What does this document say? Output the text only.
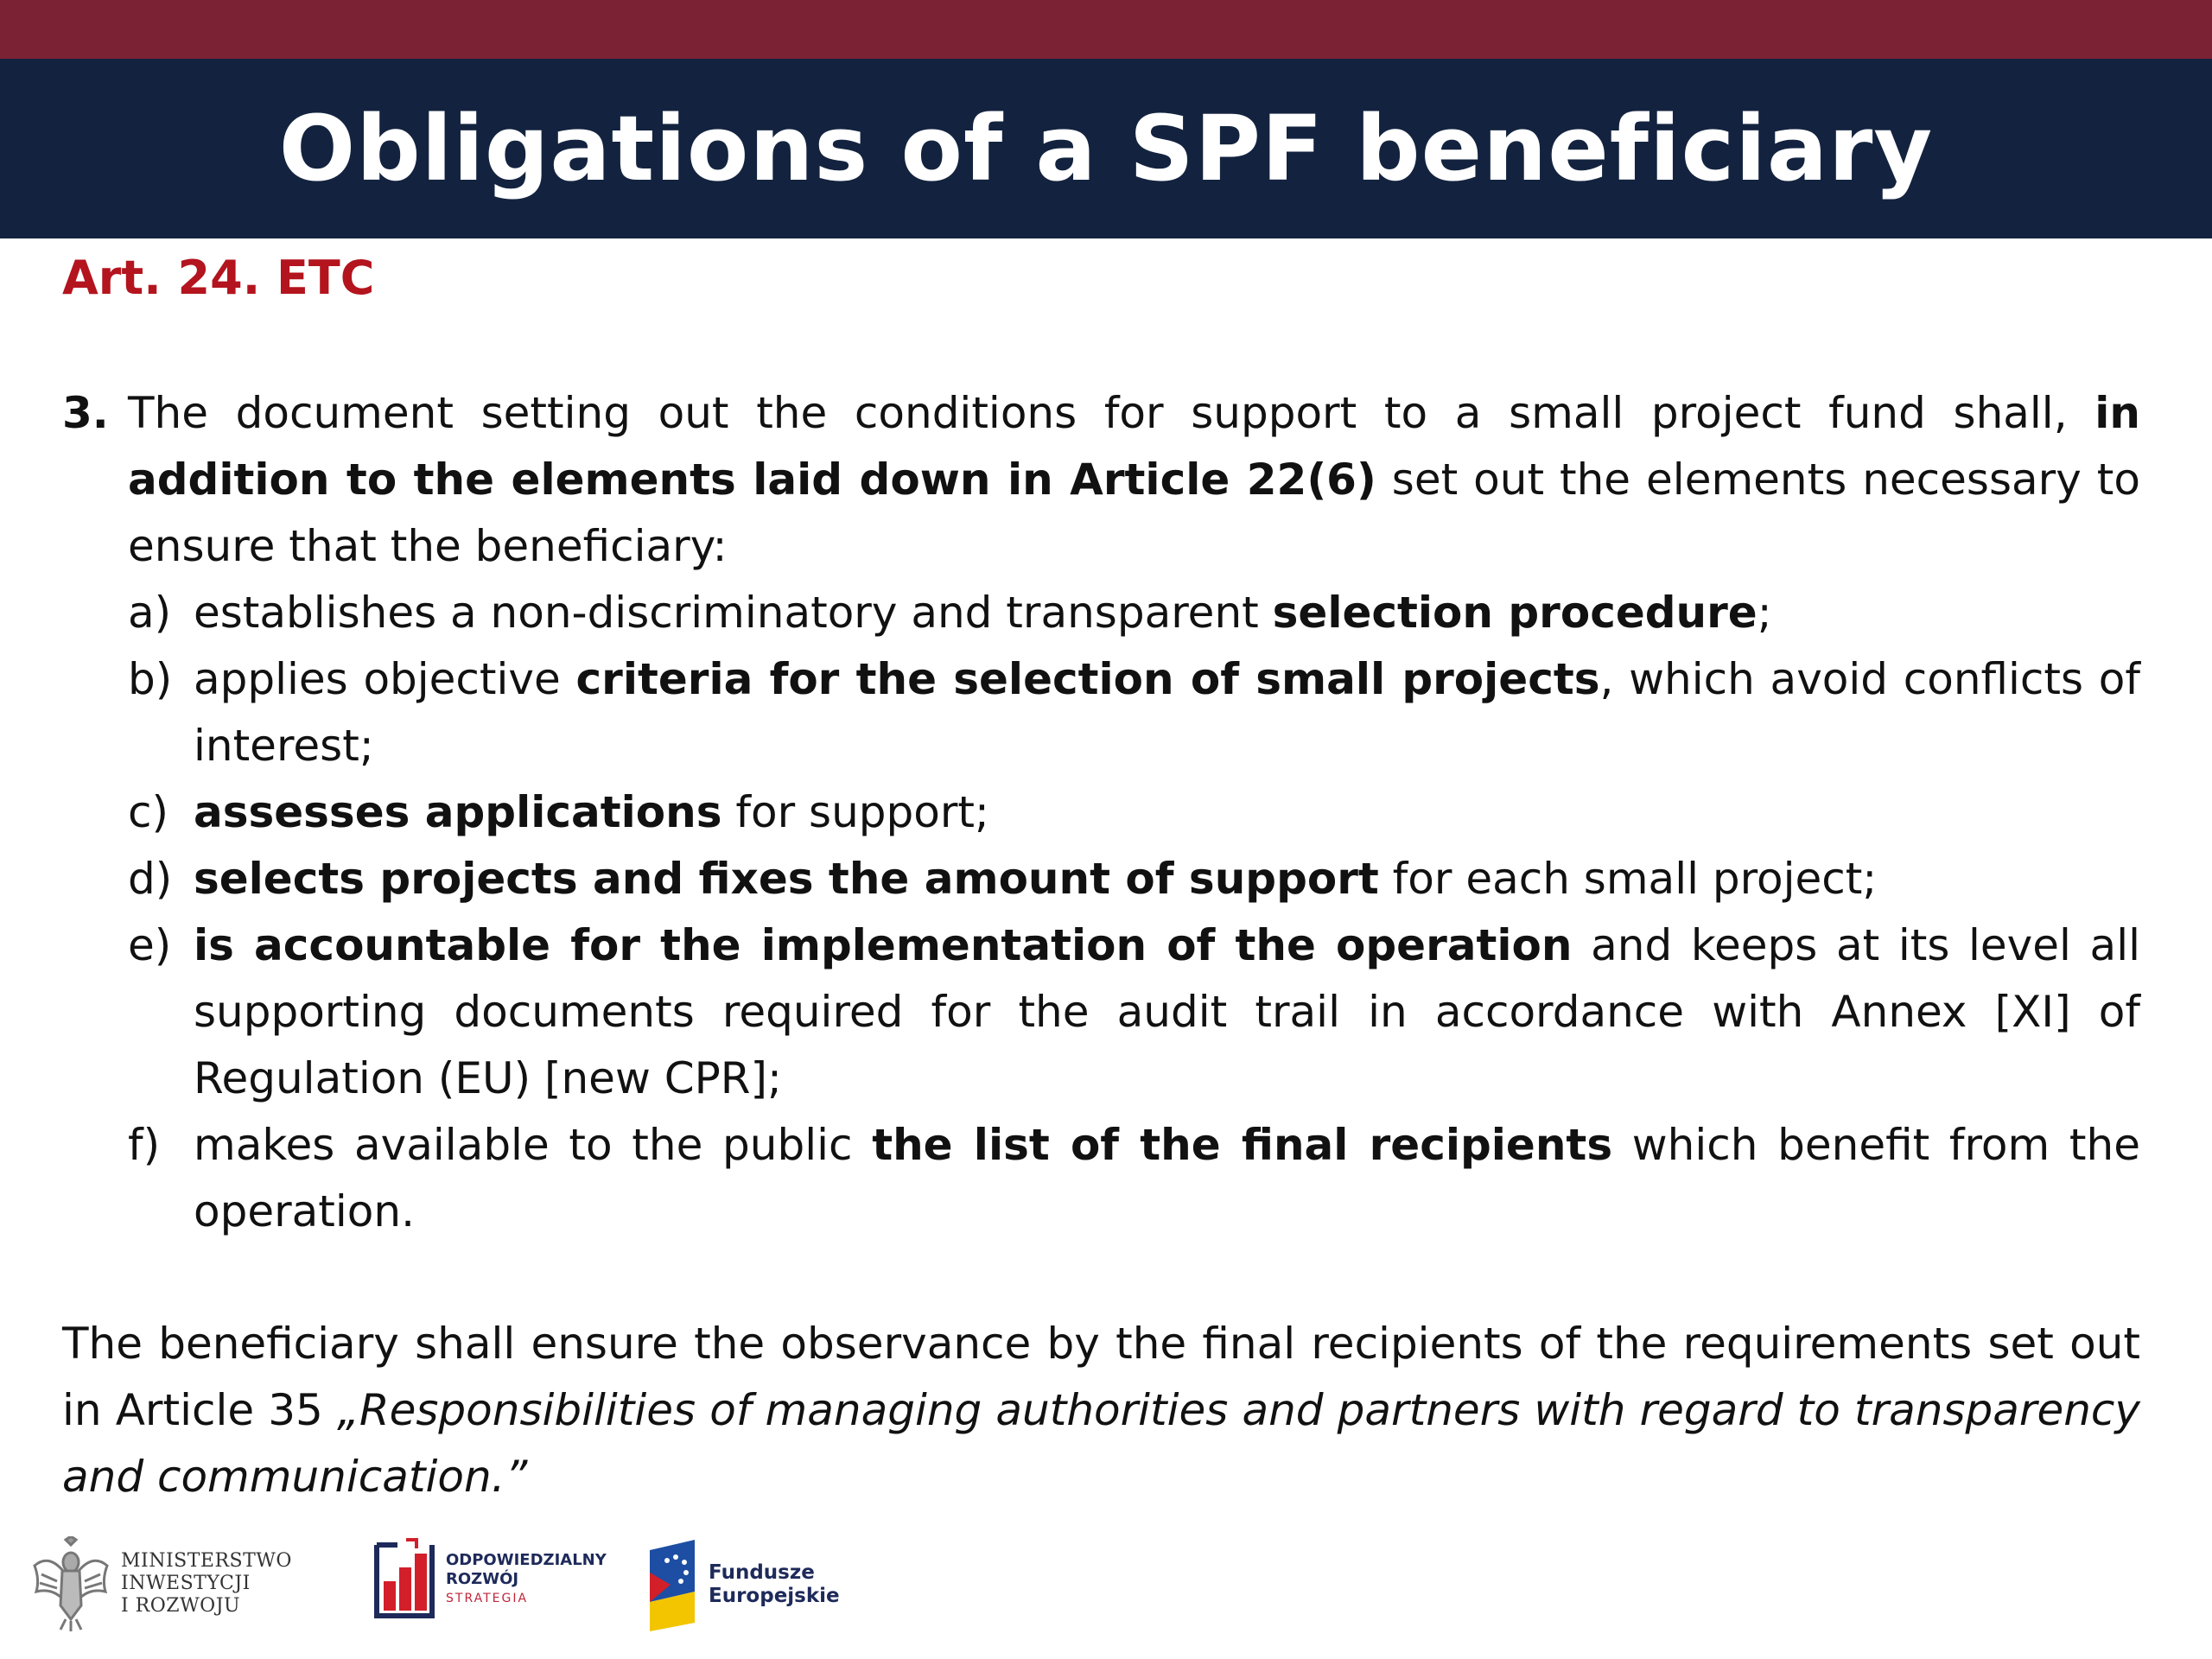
Obligations of a SPF beneficiary
Art. 24. ETC
3. The document setting out the conditions for support to a small project fund shall, in addition to the elements laid down in Article 22(6) set out the elements necessary to ensure that the beneficiary:
a) establishes a non-discriminatory and transparent selection procedure;
b) applies objective criteria for the selection of small projects, which avoid conflicts of interest;
c) assesses applications for support;
d) selects projects and fixes the amount of support for each small project;
e) is accountable for the implementation of the operation and keeps at its level all supporting documents required for the audit trail in accordance with Annex [XI] of Regulation (EU) [new CPR];
f) makes available to the public the list of the final recipients which benefit from the operation.
The beneficiary shall ensure the observance by the final recipients of the requirements set out in Article 35 „Responsibilities of managing authorities and partners with regard to transparency and communication.”
MINISTERSTWO
INWESTYCJI
I ROZWOJU
ODPOWIEDZIALNY
ROZWÓJ
STRATEGIA
Fundusze
Europejskie
